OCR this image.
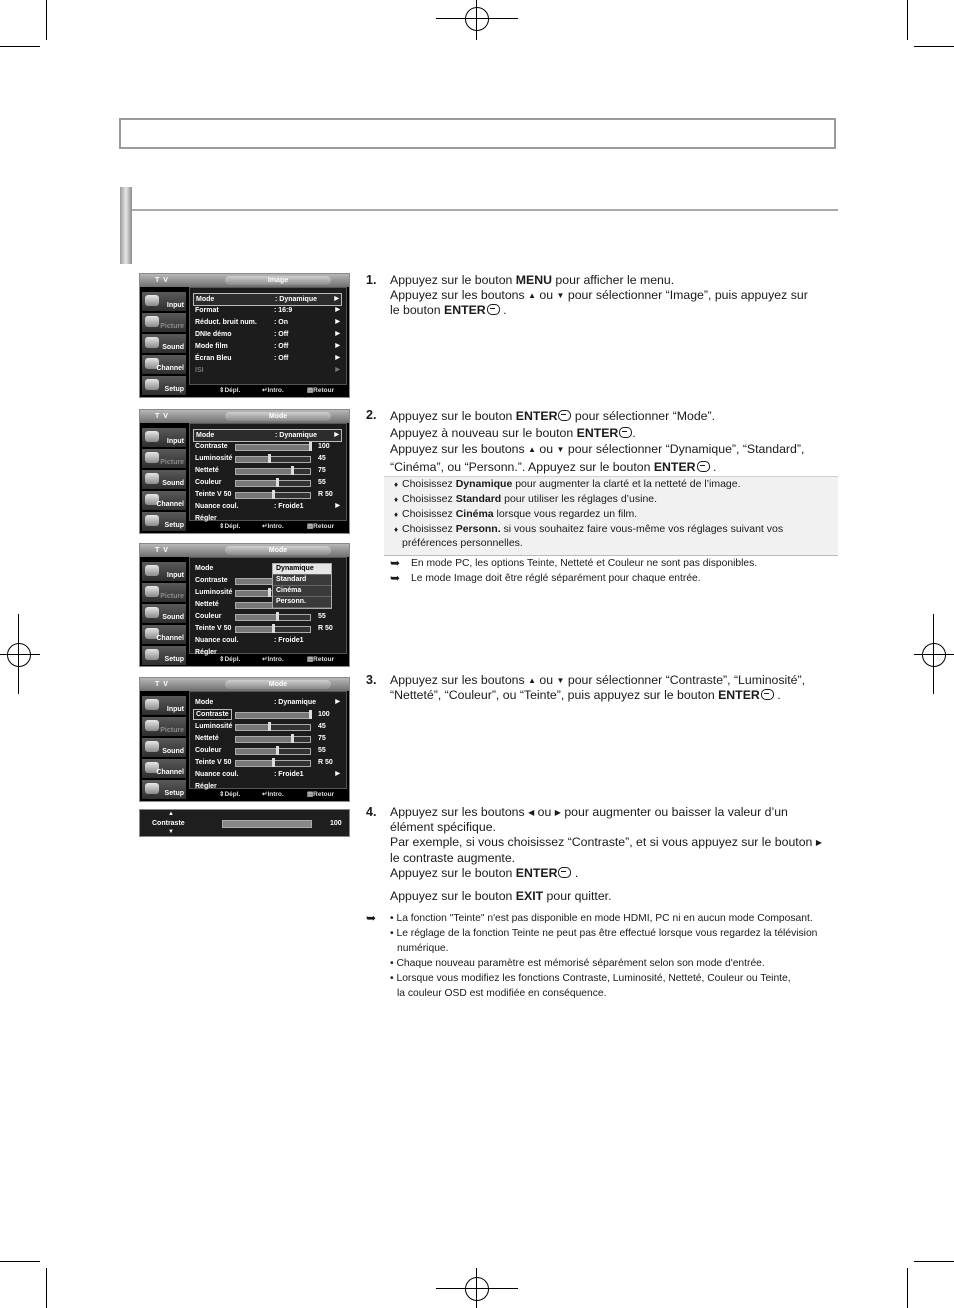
T V	Image
Input
Picture
Sound
Channel
Setup
Mode	: Dynamique	▶
Format	: 16:9	▶
Réduct. bruit num. : On	▶
DNIe démo	: Off	▶
Mode film	: Off	▶
Écran Bleu	: Off	▶
ISI	▶
⇕Dépl.	↵Intro.	▤Retour
T V	Mode
Input
Picture
Sound
Channel
Setup
Mode	: Dynamique	▶
Contraste	100
Luminosité	45
Netteté	75
Couleur	55
Teinte V 50	R 50
Nuance coul.	: Froide1	▶
Régler
⇕Dépl.	↵Intro.	▤Retour
T V	Mode
Input
Picture
Sound
Channel
Setup
Mode
Contraste
Luminosité
Netteté
Couleur	55
Teinte V 50	R 50
Nuance coul.	: Froide1
Régler
Dynamique
Standard
Cinéma
Personn.
⇕Dépl.	↵Intro.	▤Retour
T V	Mode
Input
Picture
Sound
Channel
Setup
Mode	: Dynamique	▶
Contraste	100
Luminosité	45
Netteté	75
Couleur	55
Teinte V 50	R 50
Nuance coul.	: Froide1	▶
Régler
⇕Dépl.	↵Intro.	▤Retour
▲
Contraste
▼
100
1. Appuyez sur le bouton MENU pour afficher le menu.
Appuyez sur les boutons ▲ ou ▼ pour sélectionner “Image”, puis appuyez sur
le bouton ENTER .
2. Appuyez sur le bouton ENTER pour sélectionner “Mode”.
Appuyez à nouveau sur le bouton ENTER .
Appuyez sur les boutons ▲ ou ▼ pour sélectionner “Dynamique”, “Standard”,
“Cinéma”, ou “Personn.”. Appuyez sur le bouton ENTER .
♦ Choisissez Dynamique pour augmenter la clarté et la netteté de l’image.
♦ Choisissez Standard pour utiliser les réglages d’usine.
♦ Choisissez Cinéma lorsque vous regardez un film.
♦ Choisissez Personn. si vous souhaitez faire vous-même vos réglages suivant vos
préférences personnelles.
➥ En mode PC, les options Teinte, Netteté et Couleur ne sont pas disponibles.
➥ Le mode Image doit être réglé séparément pour chaque entrée.
3. Appuyez sur les boutons ▲ ou ▼ pour sélectionner “Contraste”, “Luminosité”,
“Netteté”, “Couleur”, ou “Teinte”, puis appuyez sur le bouton ENTER .
4. Appuyez sur les boutons ◀ ou ▶ pour augmenter ou baisser la valeur d’un
élément spécifique.
Par exemple, si vous choisissez “Contraste”, et si vous appuyez sur le bouton ▶
le contraste augmente.
Appuyez sur le bouton ENTER .
Appuyez sur le bouton EXIT pour quitter.
➥ • La fonction "Teinte" n'est pas disponible en mode HDMI, PC ni en aucun mode Composant.
• Le réglage de la fonction Teinte ne peut pas être effectué lorsque vous regardez la télévision
numérique.
• Chaque nouveau paramètre est mémorisé séparément selon son mode d'entrée.
• Lorsque vous modifiez les fonctions Contraste, Luminosité, Netteté, Couleur ou Teinte,
la couleur OSD est modifiée en conséquence.
